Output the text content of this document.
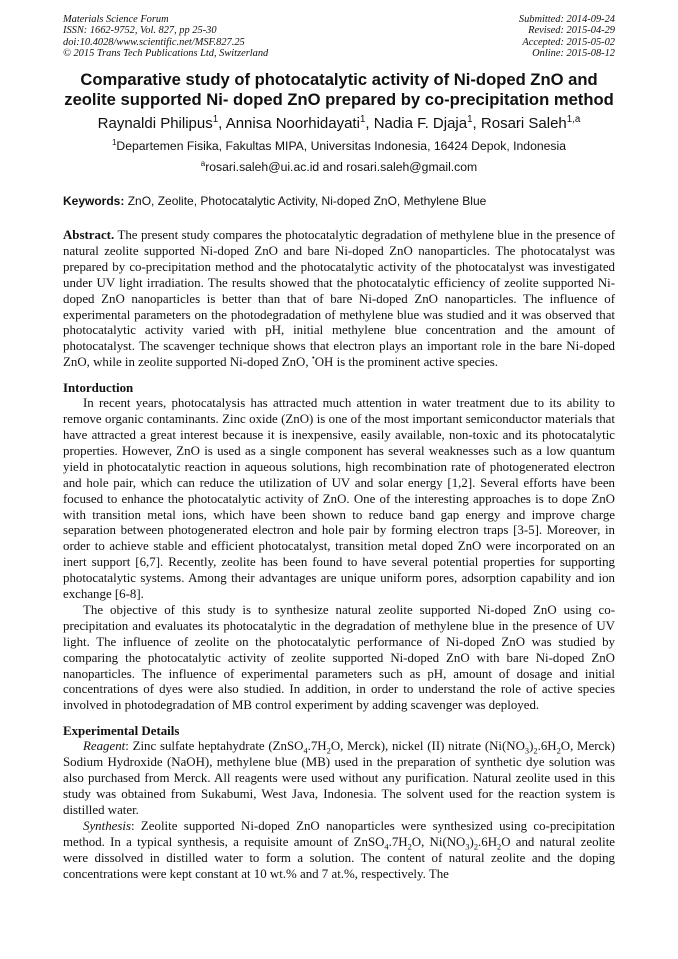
Materials Science Forum
ISSN: 1662-9752, Vol. 827, pp 25-30
doi:10.4028/www.scientific.net/MSF.827.25
© 2015 Trans Tech Publications Ltd, Switzerland
Submitted: 2014-09-24
Revised: 2015-04-29
Accepted: 2015-05-02
Online: 2015-08-12
Comparative study of photocatalytic activity of Ni-doped ZnO and
zeolite supported Ni- doped ZnO prepared by co-precipitation method
Raynaldi Philipus$^1$, Annisa Noorhidayati$^1$, Nadia F. Djaja$^1$, Rosari Saleh$^{1,a}$
$^1$Departemen Fisika, Fakultas MIPA, Universitas Indonesia, 16424 Depok, Indonesia
$^a$rosari.saleh@ui.ac.id and rosari.saleh@gmail.com
Keywords: ZnO, Zeolite, Photocatalytic Activity, Ni-doped ZnO, Methylene Blue
Abstract. The present study compares the photocatalytic degradation of methylene blue in the presence of natural zeolite supported Ni-doped ZnO and bare Ni-doped ZnO nanoparticles. The photocatalyst was prepared by co-precipitation method and the photocatalytic activity of the photocatalyst was investigated under UV light irradiation. The results showed that the photocatalytic efficiency of zeolite supported Ni-doped ZnO nanoparticles is better than that of bare Ni-doped ZnO nanoparticles. The influence of experimental parameters on the photodegradation of methylene blue was studied and it was observed that photocatalytic activity varied with pH, initial methylene blue concentration and the amount of photocatalyst. The scavenger technique shows that electron plays an important role in the bare Ni-doped ZnO, while in zeolite supported Ni-doped ZnO, •OH is the prominent active species.
Intorduction
In recent years, photocatalysis has attracted much attention in water treatment due to its ability to remove organic contaminants. Zinc oxide (ZnO) is one of the most important semiconductor materials that have attracted a great interest because it is inexpensive, easily available, non-toxic and its photocatalytic properties. However, ZnO is used as a single component has several weaknesses such as a low quantum yield in photocatalytic reaction in aqueous solutions, high recombination rate of photogenerated electron and hole pair, which can reduce the utilization of UV and solar energy [1,2]. Several efforts have been focused to enhance the photocatalytic activity of ZnO. One of the interesting approaches is to dope ZnO with transition metal ions, which have been shown to reduce band gap energy and improve charge separation between photogenerated electron and hole pair by forming electron traps [3-5]. Moreover, in order to achieve stable and efficient photocatalyst, transition metal doped ZnO were incorporated on an inert support [6,7]. Recently, zeolite has been found to have several potential properties for supporting photocatalytic systems. Among their advantages are unique uniform pores, adsorption capability and ion exchange [6-8].
The objective of this study is to synthesize natural zeolite supported Ni-doped ZnO using co-precipitation and evaluates its photocatalytic in the degradation of methylene blue in the presence of UV light. The influence of zeolite on the photocatalytic performance of Ni-doped ZnO was studied by comparing the photocatalytic activity of zeolite supported Ni-doped ZnO with bare Ni-doped ZnO nanoparticles. The influence of experimental parameters such as pH, amount of dosage and initial concentrations of dyes were also studied. In addition, in order to understand the role of active species involved in photodegradation of MB control experiment by adding scavenger was deployed.
Experimental Details
Reagent: Zinc sulfate heptahydrate ($ZnSO_4.7H_2O$, Merck), nickel (II) nitrate ($Ni(NO_3)_2.6H_2O$, Merck) Sodium Hydroxide (NaOH), methylene blue (MB) used in the preparation of synthetic dye solution was also purchased from Merck. All reagents were used without any purification. Natural zeolite used in this study was obtained from Sukabumi, West Java, Indonesia. The solvent used for the reaction system is distilled water.
Synthesis: Zeolite supported Ni-doped ZnO nanoparticles were synthesized using co-precipitation method. In a typical synthesis, a requisite amount of $ZnSO_4.7H_2O$, $Ni(NO_3)_2.6H_2O$ and natural zeolite were dissolved in distilled water to form a solution. The content of natural zeolite and the doping concentrations were kept constant at 10 wt.% and 7 at.%, respectively. The
